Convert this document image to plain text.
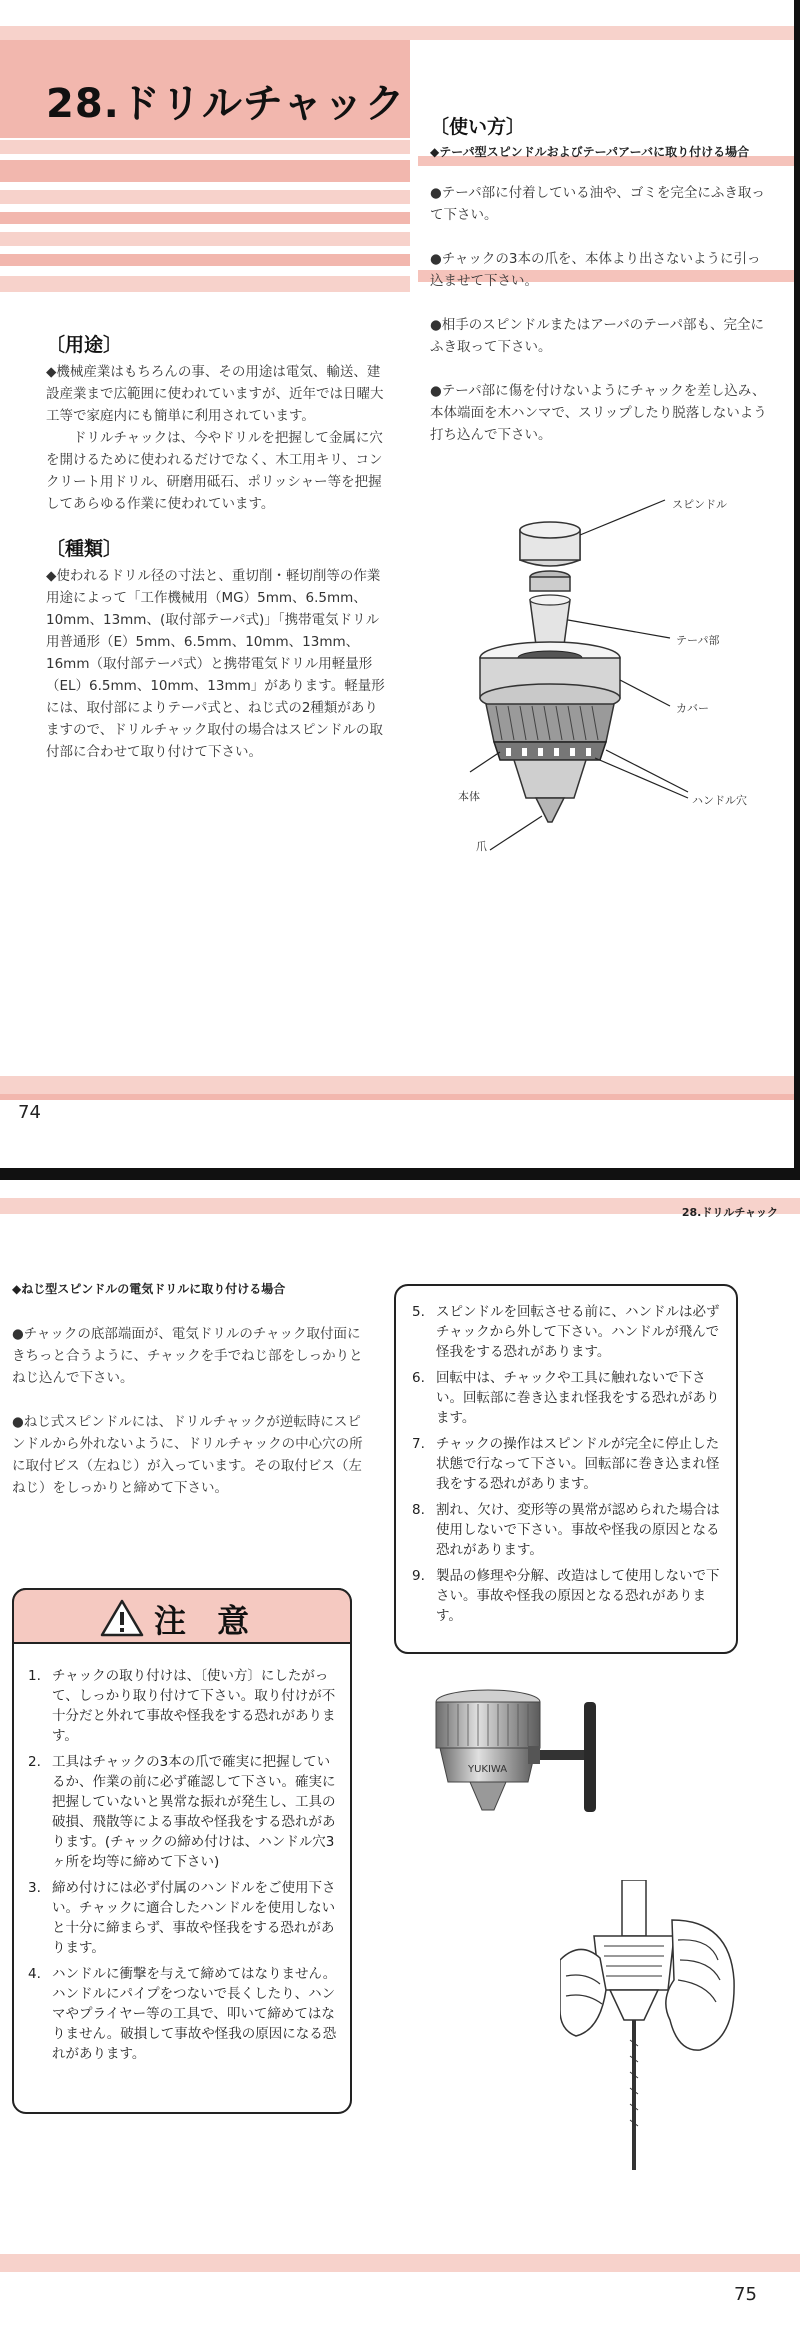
28.ドリルチャック
〔用途〕

◆機械産業はもちろんの事、その用途は電気、輸送、建設産業まで広範囲に使われていますが、近年では日曜大工等で家庭内にも簡単に利用されています。

ドリルチャックは、今やドリルを把握して金属に穴を開けるために使われるだけでなく、木工用キリ、コンクリート用ドリル、研磨用砥石、ポリッシャー等を把握してあらゆる作業に使われています。

〔種類〕
◆使われるドリル径の寸法と、重切削・軽切削等の作業用途によって「工作機械用（MG）5mm、6.5mm、10mm、13mm、(取付部テーパ式)」「携帯電気ドリル用普通形（E）5mm、6.5mm、10mm、13mm、16mm（取付部テーパ式）と携帯電気ドリル用軽量形（EL）6.5mm、10mm、13mm」があります。軽量形には、取付部によりテーパ式と、ねじ式の2種類がありますので、ドリルチャック取付の場合はスピンドルの取付部に合わせて取り付けて下さい。
〔使い方〕
◆テーパ型スピンドルおよびテーパアーバに取り付ける場合
●テーパ部に付着している油や、ゴミを完全にふき取って下さい。
●チャックの3本の爪を、本体より出さないように引っ込ませて下さい。
●相手のスピンドルまたはアーバのテーパ部も、完全にふき取って下さい。
●テーパ部に傷を付けないようにチャックを差し込み、本体端面を木ハンマで、スリップしたり脱落しないよう打ち込んで下さい。
スピンドル
テーパ部
カバー
本体	ハンドル穴
爪
74
28.ドリルチャック
◆ねじ型スピンドルの電気ドリルに取り付ける場合
●チャックの底部端面が、電気ドリルのチャック取付面にきちっと合うように、チャックを手でねじ部をしっかりとねじ込んで下さい。
●ねじ式スピンドルには、ドリルチャックが逆転時にスピンドルから外れないように、ドリルチャックの中心穴の所に取付ビス（左ねじ）が入っています。その取付ビス（左ねじ）をしっかりと締めて下さい。
注 意
1. チャックの取り付けは、〔使い方〕にしたがって、しっかり取り付けて下さい。取り付けが不十分だと外れて事故や怪我をする恐れがあります。
2. 工具はチャックの3本の爪で確実に把握しているか、作業の前に必ず確認して下さい。確実に把握していないと異常な振れが発生し、工具の破損、飛散等による事故や怪我をする恐れがあります。(チャックの締め付けは、ハンドル穴3ヶ所を均等に締めて下さい)
3. 締め付けには必ず付属のハンドルをご使用下さい。チャックに適合したハンドルを使用しないと十分に締まらず、事故や怪我をする恐れがあります。
4. ハンドルに衝撃を与えて締めてはなりません。ハンドルにパイプをつないで長くしたり、ハンマやプライヤー等の工具で、叩いて締めてはなりません。破損して事故や怪我の原因になる恐れがあります。
5. スピンドルを回転させる前に、ハンドルは必ずチャックから外して下さい。ハンドルが飛んで怪我をする恐れがあります。
6. 回転中は、チャックや工具に触れないで下さい。回転部に巻き込まれ怪我をする恐れがあります。
7. チャックの操作はスピンドルが完全に停止した状態で行なって下さい。回転部に巻き込まれ怪我をする恐れがあります。
8. 割れ、欠け、変形等の異常が認められた場合は使用しないで下さい。事故や怪我の原因となる恐れがあります。
9. 製品の修理や分解、改造はして使用しないで下さい。事故や怪我の原因となる恐れがあります。
YUKIWA
75
